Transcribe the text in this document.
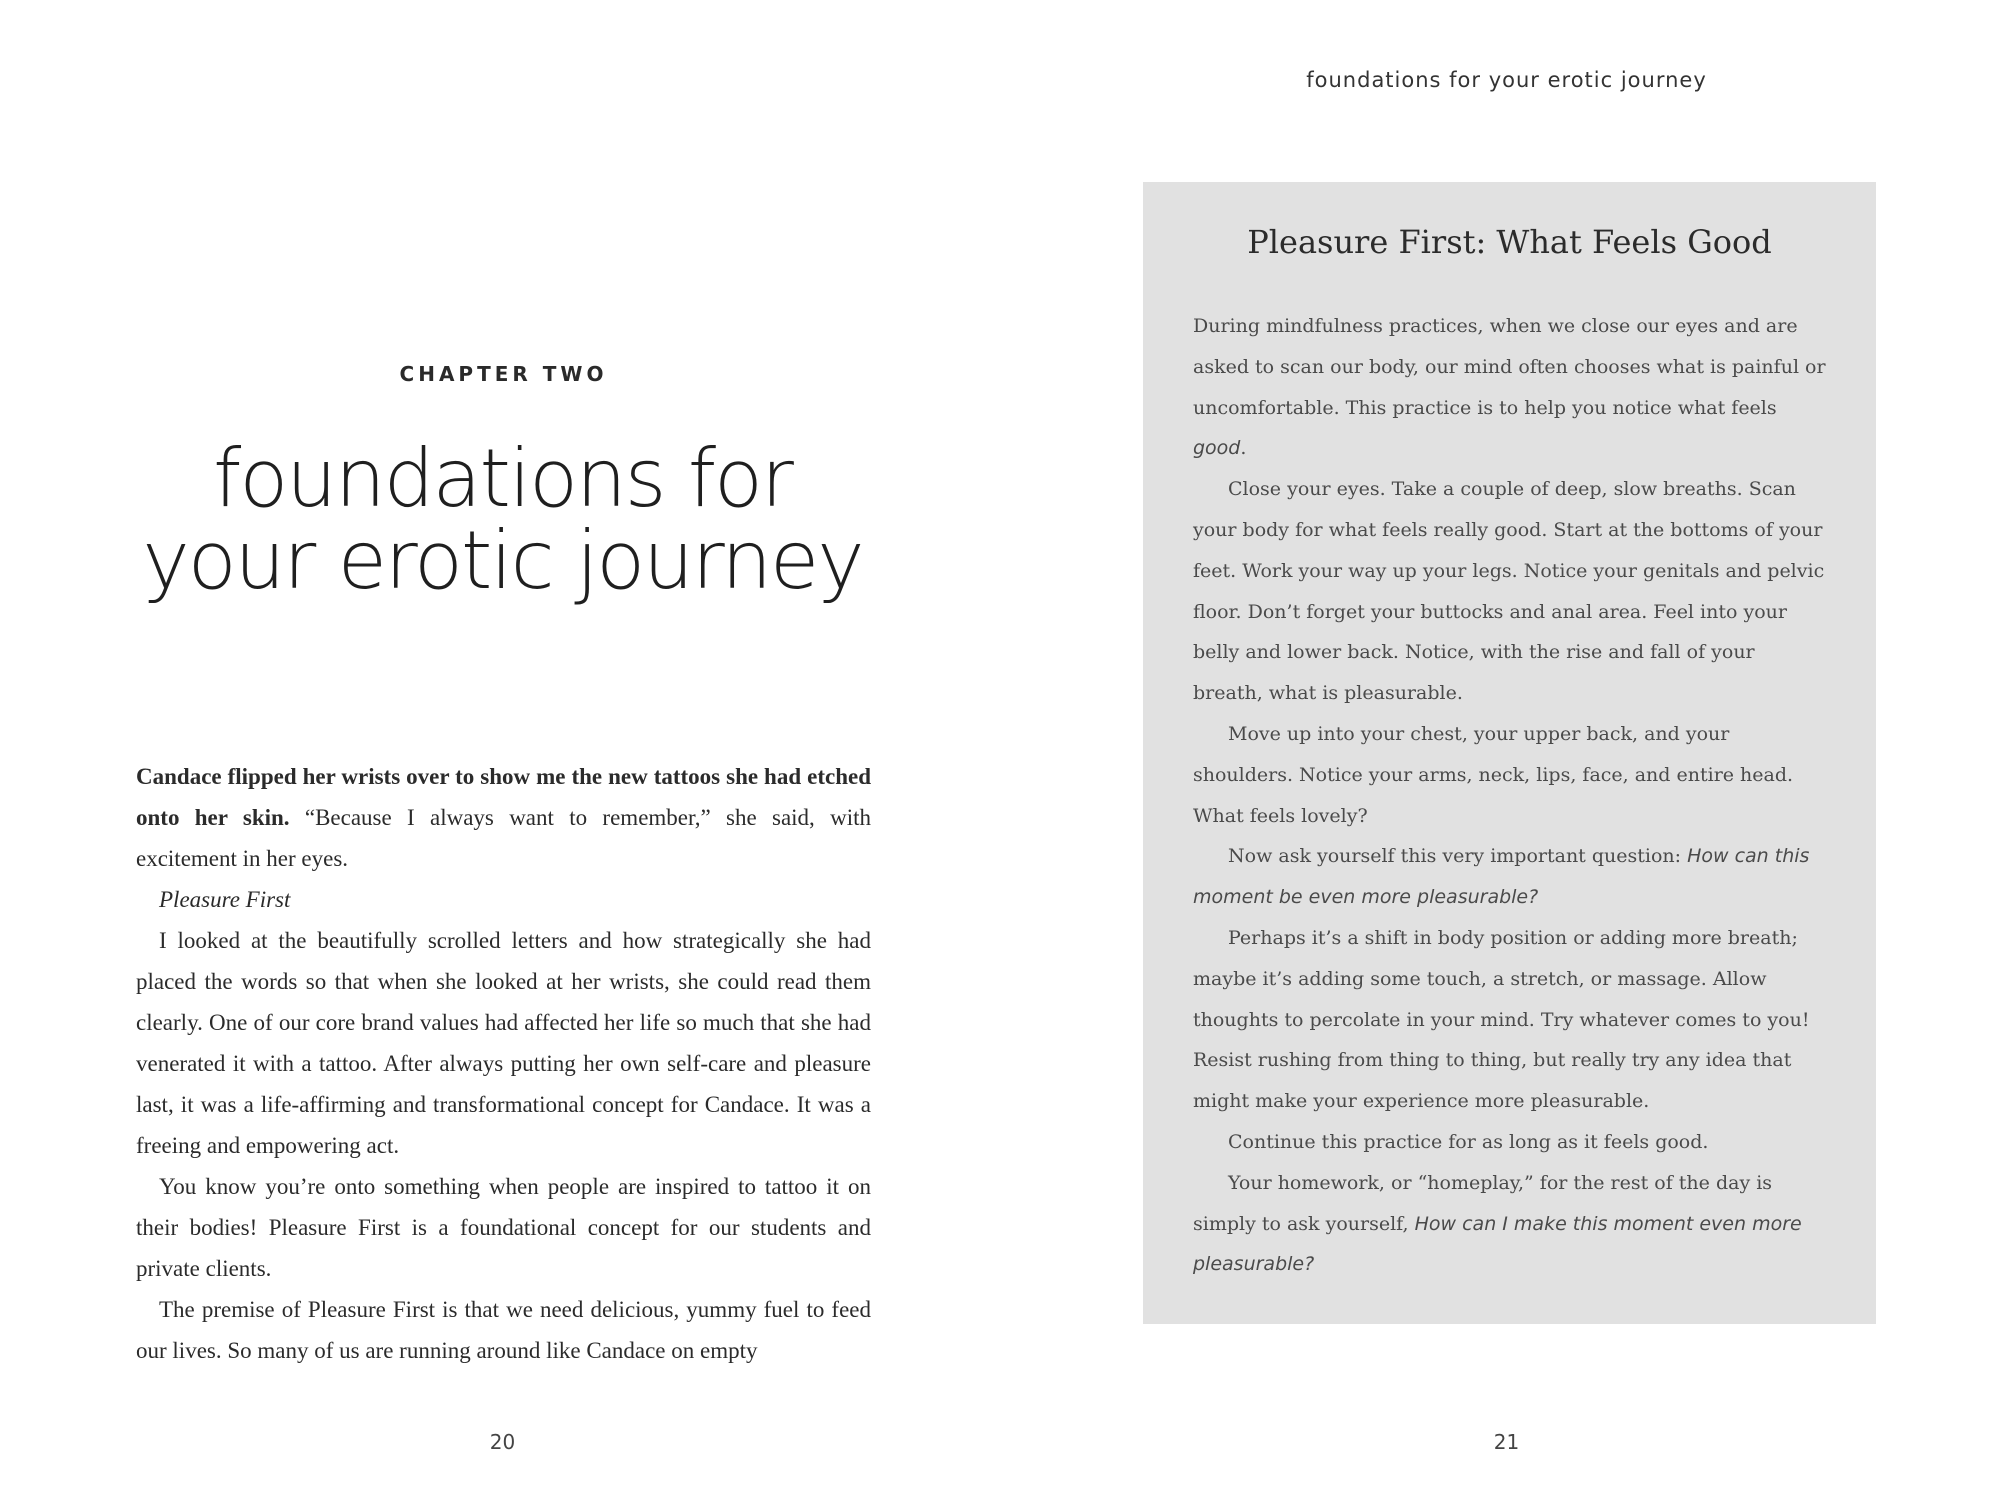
CHAPTER TWO
foundations for
your erotic journey

Candace flipped her wrists over to show me the new tattoos she had etched onto her skin. “Because I always want to remember,” she said, with excitement in her eyes.

Pleasure First

I looked at the beautifully scrolled letters and how strategically she had placed the words so that when she looked at her wrists, she could read them clearly. One of our core brand values had affected her life so much that she had venerated it with a tattoo. After always putting her own self-care and pleasure last, it was a life-affirming and transformational concept for Candace. It was a freeing and empowering act.

You know you’re onto something when people are inspired to tattoo it on their bodies! Pleasure First is a foundational concept for our students and private clients.

The premise of Pleasure First is that we need delicious, yummy fuel to feed our lives. So many of us are running around like Candace on empty

20
foundations for your erotic journey
Pleasure First: What Feels Good

During mindfulness practices, when we close our eyes and are asked to scan our body, our mind often chooses what is painful or uncomfortable. This practice is to help you notice what feels good.

Close your eyes. Take a couple of deep, slow breaths. Scan your body for what feels really good. Start at the bottoms of your feet. Work your way up your legs. Notice your genitals and pelvic floor. Don’t forget your buttocks and anal area. Feel into your belly and lower back. Notice, with the rise and fall of your breath, what is pleasurable.

Move up into your chest, your upper back, and your shoulders. Notice your arms, neck, lips, face, and entire head. What feels lovely?

Now ask yourself this very important question: How can this moment be even more pleasurable?

Perhaps it’s a shift in body position or adding more breath; maybe it’s adding some touch, a stretch, or massage. Allow thoughts to percolate in your mind. Try whatever comes to you! Resist rushing from thing to thing, but really try any idea that might make your experience more pleasurable.

Continue this practice for as long as it feels good.

Your homework, or “homeplay,” for the rest of the day is simply to ask yourself, How can I make this moment even more pleasurable?

21
